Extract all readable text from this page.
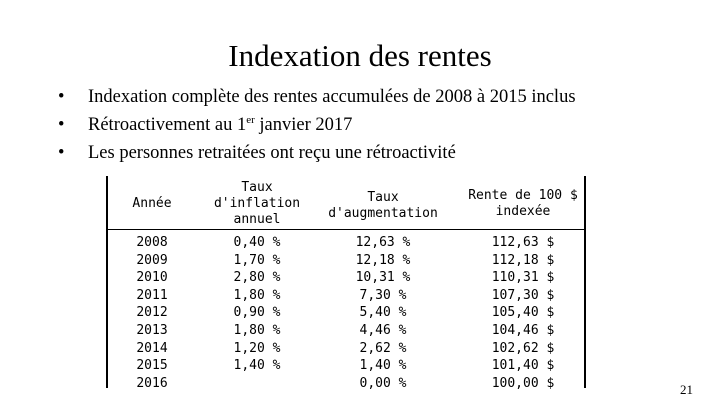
Indexation des rentes
• Indexation complète des rentes accumulées de 2008 à 2015 inclus
• Rétroactivement au 1er janvier 2017
• Les personnes retraitées ont reçu une rétroactivité
Année
2008
2009
2010
2011
2012
2013
2014
2015
2016
Taux
d'inflation
annuel
0,40 %
1,70 %
2,80 %
1,80 %
0,90 %
1,80 %
1,20 %
1,40 %
Taux
d'augmentation
12,63 %
12,18 %
10,31 %
7,30 %
5,40 %
4,46 %
2,62 %
1,40 %
0,00 %
Rente de 100 $
indexée
112,63 $
112,18 $
110,31 $
107,30 $
105,40 $
104,46 $
102,62 $
101,40 $
100,00 $	21
